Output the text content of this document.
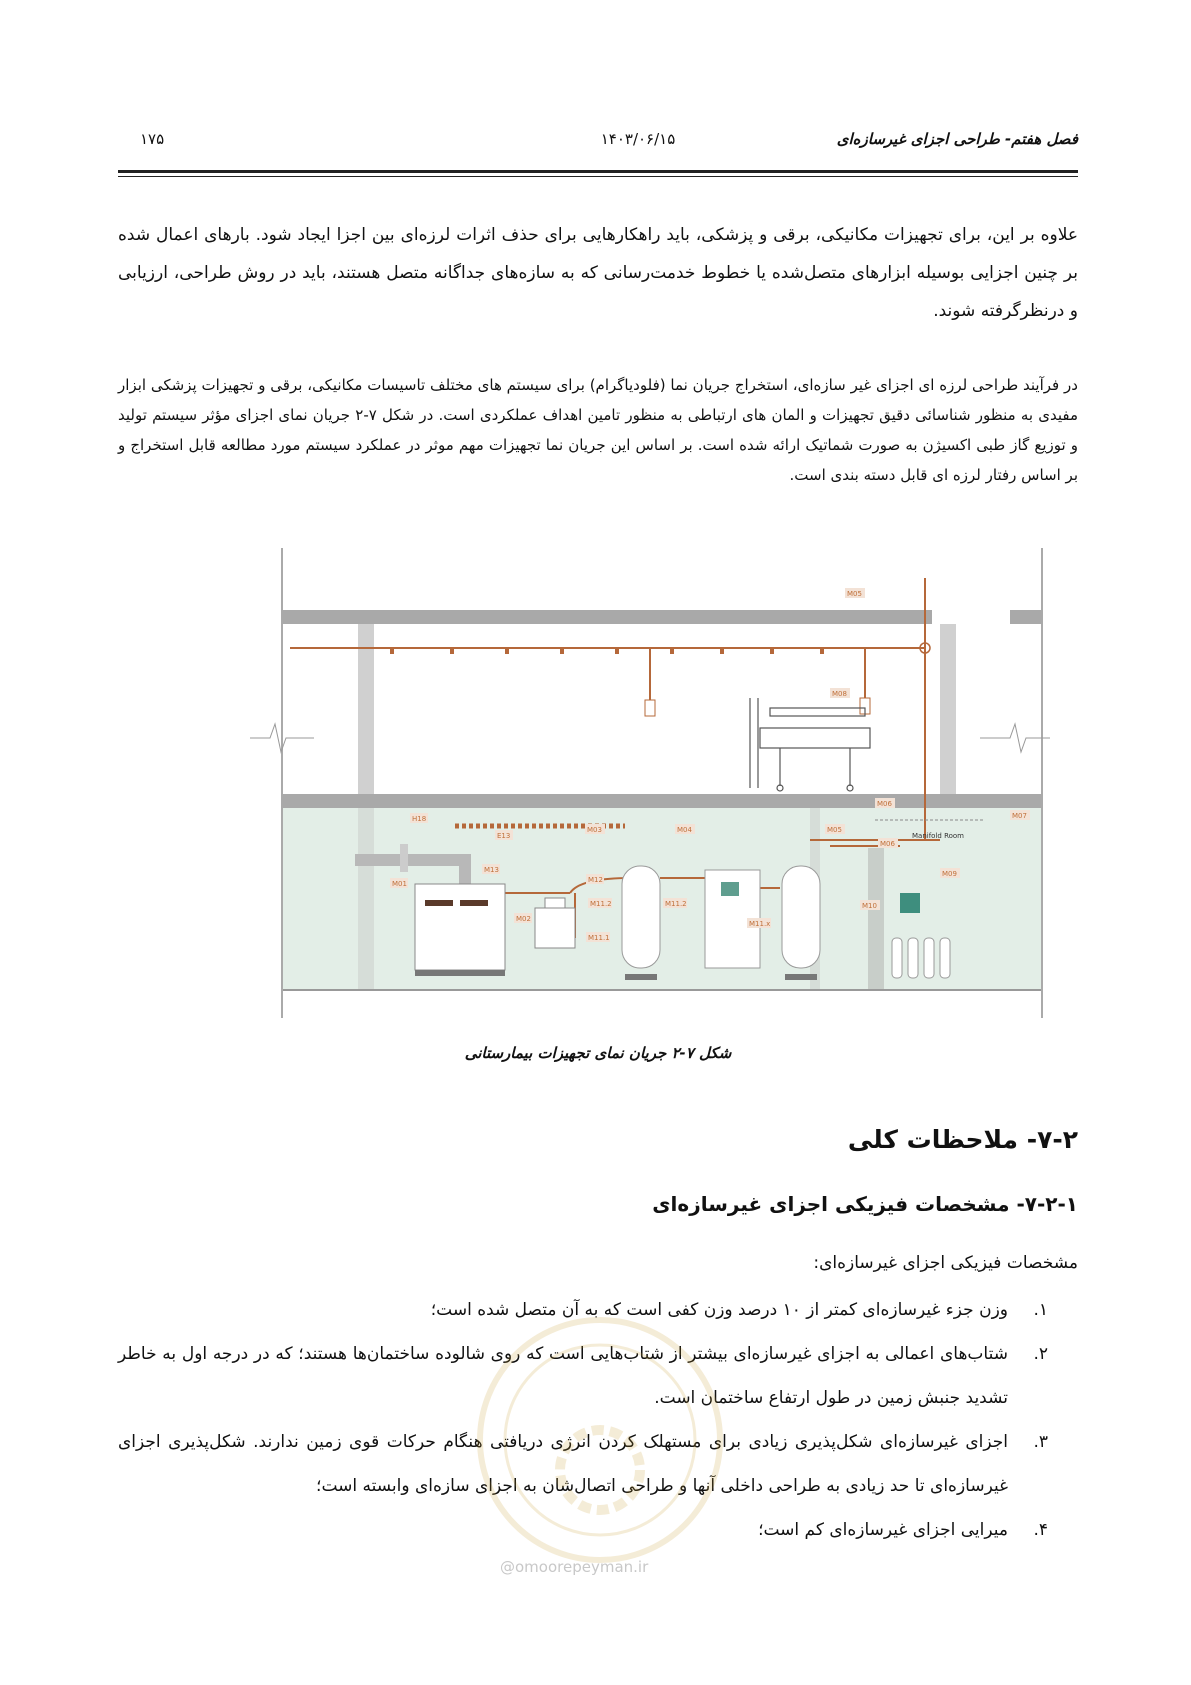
فصل هفتم- طراحی اجزای غیرسازه‌ای
۱۴۰۳/۰۶/۱۵
۱۷۵
علاوه بر این، برای تجهیزات مکانیکی، برقی و پزشکی، باید راهکارهایی برای حذف اثرات لرزه‌ای بین اجزا ایجاد شود. بارهای اعمال شده بر چنین اجزایی بوسیله ابزارهای متصل‌شده یا خطوط خدمت‌رسانی که به سازه‌های جداگانه متصل هستند، باید در روش طراحی، ارزیابی و درنظرگرفته شوند.
در فرآیند طراحی لرزه ای اجزای غیر سازه‌ای، استخراج جریان نما (فلودیاگرام) برای سیستم های مختلف تاسیسات مکانیکی، برقی و تجهیزات پزشکی ابزار مفیدی به منظور شناسائی دقیق تجهیزات و المان های ارتباطی به منظور تامین اهداف عملکردی است. در شکل ۷-۲ جریان نمای اجزای مؤثر سیستم تولید و توزیع گاز طبی اکسیژن به صورت شماتیک ارائه شده است. بر اساس این جریان نما تجهیزات مهم موثر در عملکرد سیستم مورد مطالعه قابل استخراج و بر اساس رفتار لرزه ای قابل دسته بندی است.
M05
M08
M06
M07
H18
E13
M03	M04	M05
M06
M13
M01	M12
M02
M11.2
M11.1
M11.2
M11.x
M10
M09
Manifold Room
شکل ۷-۲ جریان نمای تجهیزات بیمارستانی
۷-۲- ملاحظات کلی
۷-۲-۱- مشخصات فیزیکی اجزای غیرسازه‌ای
مشخصات فیزیکی اجزای غیرسازه‌ای:
۱.
وزن جزء غیرسازه‌ای کمتر از ۱۰ درصد وزن کفی است که به آن متصل شده است؛
۲.
شتاب‌های اعمالی به اجزای غیرسازه‌ای بیشتر از شتاب‌هایی است که روی شالوده ساختمان‌ها هستند؛ که در درجه اول به خاطر تشدید جنبش زمین در طول ارتفاع ساختمان است.
۳.
اجزای غیرسازه‌ای شکل‌پذیری زیادی برای مستهلک کردن انرژی دریافتی هنگام حرکات قوی زمین ندارند. شکل‌پذیری اجزای غیرسازه‌ای تا حد زیادی به طراحی داخلی آنها و طراحی اتصال‌شان به اجزای سازه‌ای وابسته است؛
۴.
میرایی اجزای غیرسازه‌ای کم است؛
@omoorepeyman.ir
